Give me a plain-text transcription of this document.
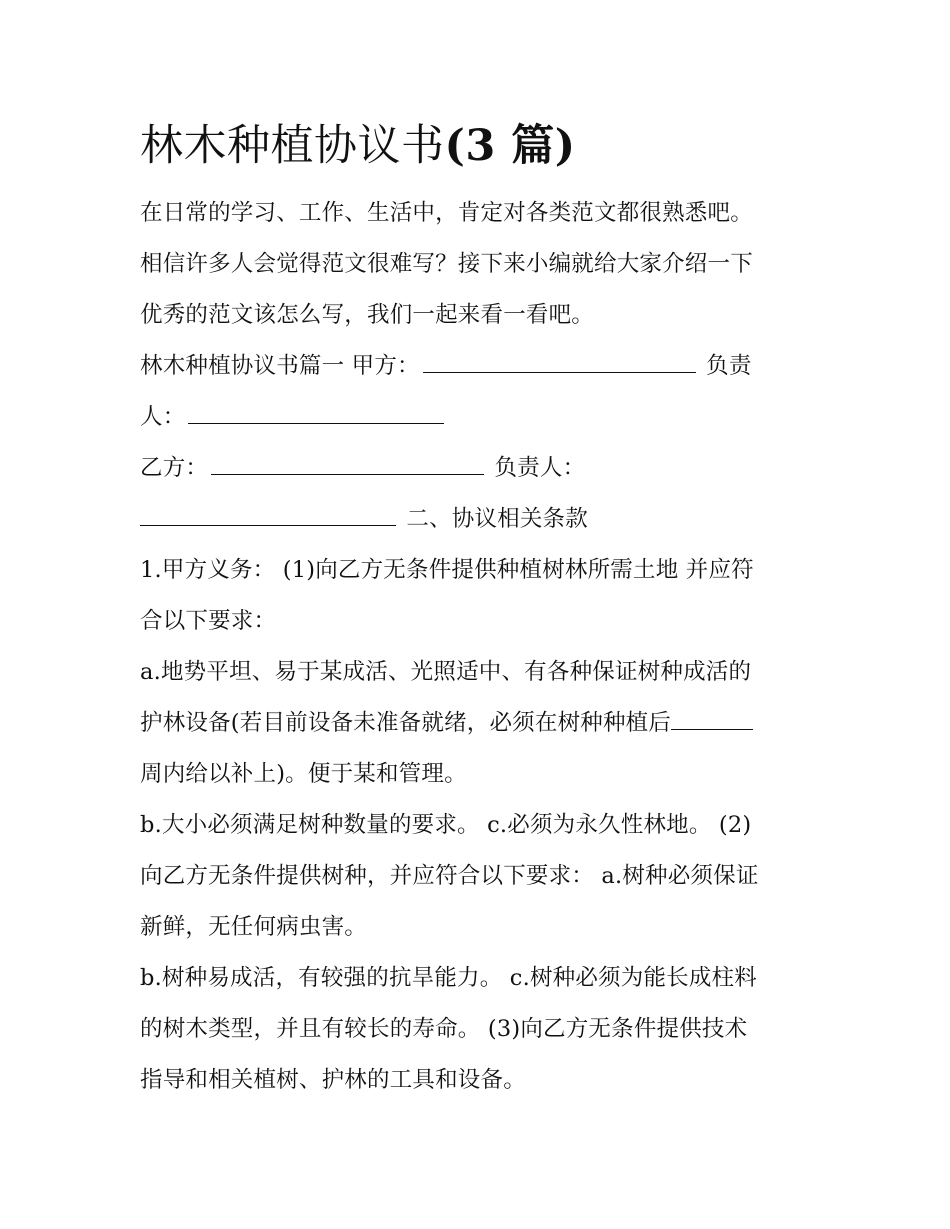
林木种植协议书(3 篇)

在日常的学习、工作、生活中，肯定对各类范文都很熟悉吧。

相信许多人会觉得范文很难写？接下来小编就给大家介绍一下

优秀的范文该怎么写，我们一起来看一看吧。

林木种植协议书篇一 甲方：	负责

人：

乙方：	负责人：

二、协议相关条款

1.甲方义务： (1)向乙方无条件提供种植树林所需土地 并应符

合以下要求：

a.地势平坦、易于某成活、光照适中、有各种保证树种成活的

护林设备(若目前设备未准备就绪，必须在树种种植后

周内给以补上)。便于某和管理。

b.大小必须满足树种数量的要求。 c.必须为永久性林地。 (2)

向乙方无条件提供树种，并应符合以下要求： a.树种必须保证

新鲜，无任何病虫害。

b.树种易成活，有较强的抗旱能力。 c.树种必须为能长成柱料

的树木类型，并且有较长的寿命。 (3)向乙方无条件提供技术

指导和相关植树、护林的工具和设备。
